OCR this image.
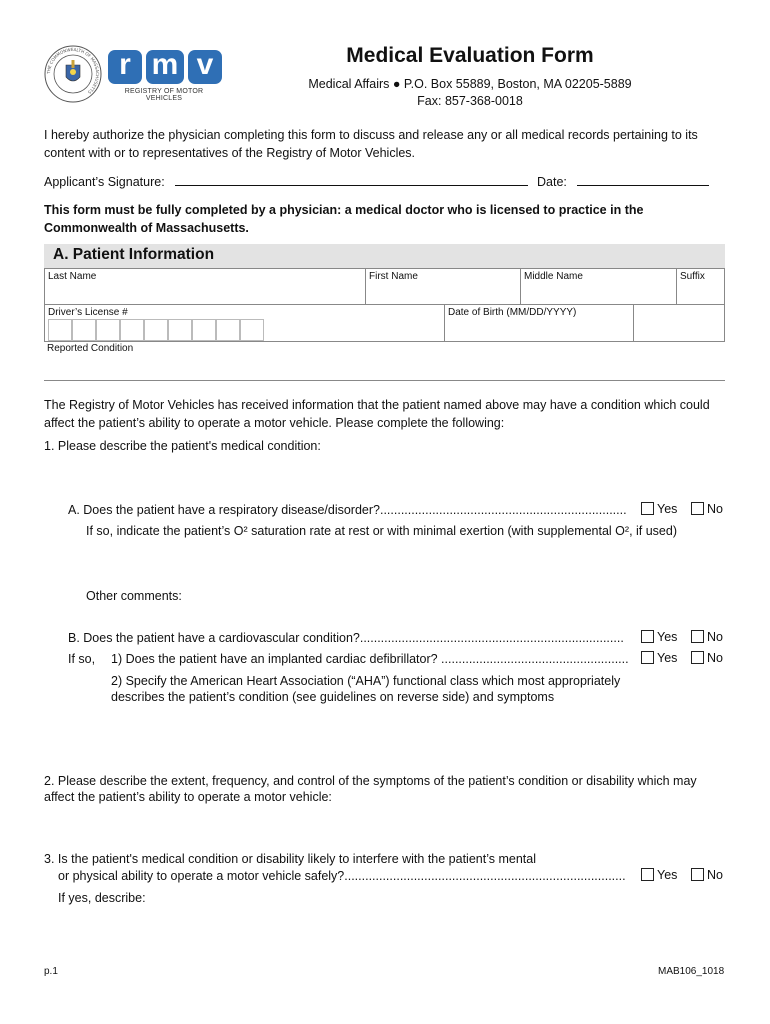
THE COMMONWEALTH OF MASSACHUSETTS
r m v
REGISTRY OF MOTOR VEHICLES
Medical Evaluation Form
Medical Affairs ● P.O. Box 55889, Boston, MA 02205-5889
Fax: 857-368-0018
I hereby authorize the physician completing this form to discuss and release any or all medical records pertaining to its content with or to representatives of the Registry of Motor Vehicles.
Applicant’s Signature:	Date:
This form must be fully completed by a physician: a medical doctor who is licensed to practice in the Commonwealth of Massachusetts.
A. Patient Information
Last Name	First Name	Middle Name	Suffix
Driver’s License #	Date of Birth (MM/DD/YYYY)
Reported Condition
The Registry of Motor Vehicles has received information that the patient named above may have a condition which could affect the patient’s ability to operate a motor vehicle. Please complete the following:
1. Please describe the patient's medical condition:
A. Does the patient have a respiratory disease/disorder?.......................................................................	Yes	No
If so, indicate the patient’s O² saturation rate at rest or with minimal exertion (with supplemental O², if used)
Other comments:
B. Does the patient have a cardiovascular condition?............................................................................	Yes	No
If so, 1) Does the patient have an implanted cardiac defibrillator? ......................................................	Yes	No
2) Specify the American Heart Association (“AHA”) functional class which most appropriately
describes the patient’s condition (see guidelines on reverse side) and symptoms
2. Please describe the extent, frequency, and control of the symptoms of the patient’s condition or disability which may affect the patient’s ability to operate a motor vehicle:
3. Is the patient's medical condition or disability likely to interfere with the patient’s mental
or physical ability to operate a motor vehicle safely?.................................................................................	Yes	No
If yes, describe:
p.1	MAB106_1018
